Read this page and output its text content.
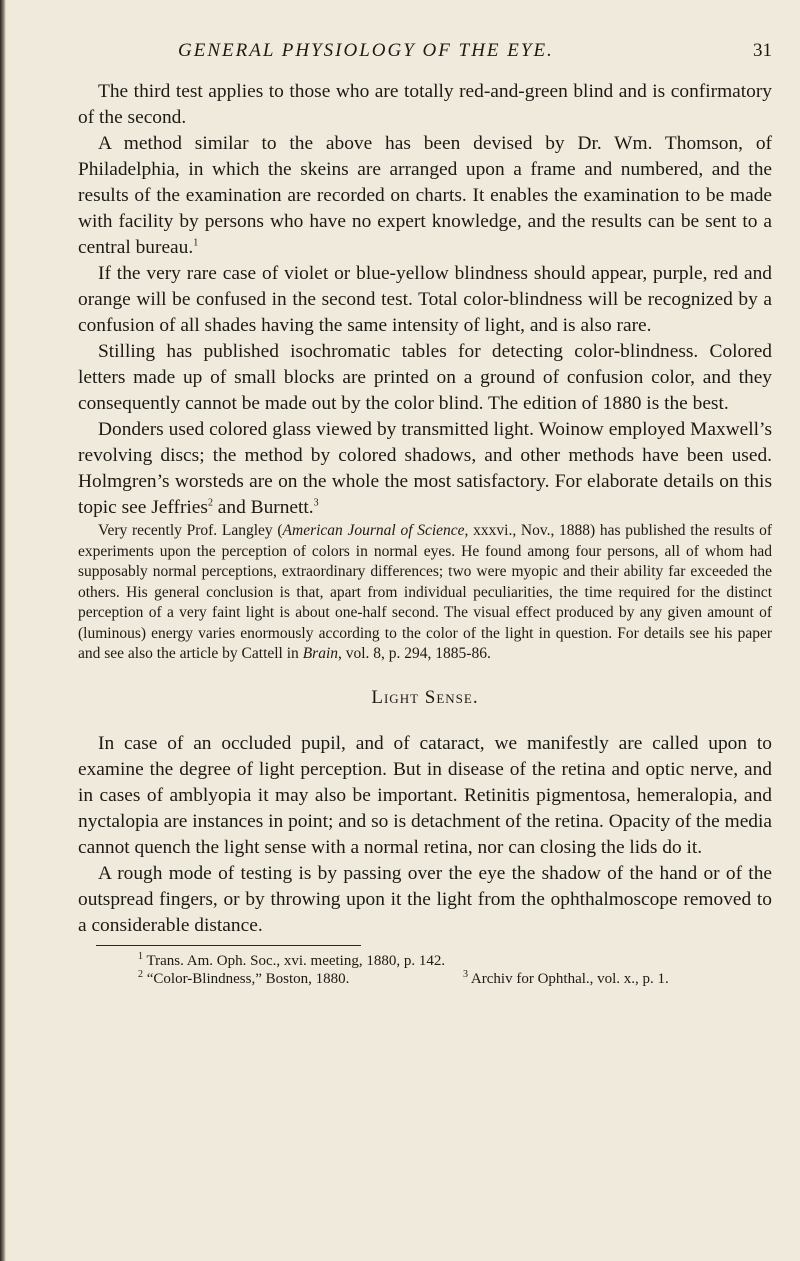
GENERAL PHYSIOLOGY OF THE EYE.	31

The third test applies to those who are totally red-and-green blind and is confirmatory of the second.

A method similar to the above has been devised by Dr. Wm. Thomson, of Philadelphia, in which the skeins are arranged upon a frame and numbered, and the results of the examination are recorded on charts. It enables the examination to be made with facility by persons who have no expert knowledge, and the results can be sent to a central bureau.$^1$

If the very rare case of violet or blue-yellow blindness should appear, purple, red and orange will be confused in the second test. Total color-blindness will be recognized by a confusion of all shades having the same intensity of light, and is also rare.

Stilling has published isochromatic tables for detecting color-blindness. Colored letters made up of small blocks are printed on a ground of confusion color, and they consequently cannot be made out by the color blind. The edition of 1880 is the best.

Donders used colored glass viewed by transmitted light. Woinow employed Maxwell’s revolving discs; the method by colored shadows, and other methods have been used. Holmgren’s worsteds are on the whole the most satisfactory. For elaborate details on this topic see Jeffries$^2$ and Burnett.$^3$

Very recently Prof. Langley (American Journal of Science, xxxvi., Nov., 1888) has published the results of experiments upon the perception of colors in normal eyes. He found among four persons, all of whom had supposably normal perceptions, extraordinary differences; two were myopic and their ability far exceeded the others. His general conclusion is that, apart from individual peculiarities, the time required for the distinct perception of a very faint light is about one-half second. The visual effect produced by any given amount of (luminous) energy varies enormously according to the color of the light in question. For details see his paper and see also the article by Cattell in Brain, vol. 8, p. 294, 1885-86.

Light Sense.

In case of an occluded pupil, and of cataract, we manifestly are called upon to examine the degree of light perception. But in disease of the retina and optic nerve, and in cases of amblyopia it may also be important. Retinitis pigmentosa, hemeralopia, and nyctalopia are instances in point; and so is detachment of the retina. Opacity of the media cannot quench the light sense with a normal retina, nor can closing the lids do it.

A rough mode of testing is by passing over the eye the shadow of the hand or of the outspread fingers, or by throwing upon it the light from the ophthalmoscope removed to a considerable distance.

$^1$ Trans. Am. Oph. Soc., xvi. meeting, 1880, p. 142.

$^2$ “Color-Blindness,” Boston, 1880.	$^3$ Archiv for Ophthal., vol. x., p. 1.
